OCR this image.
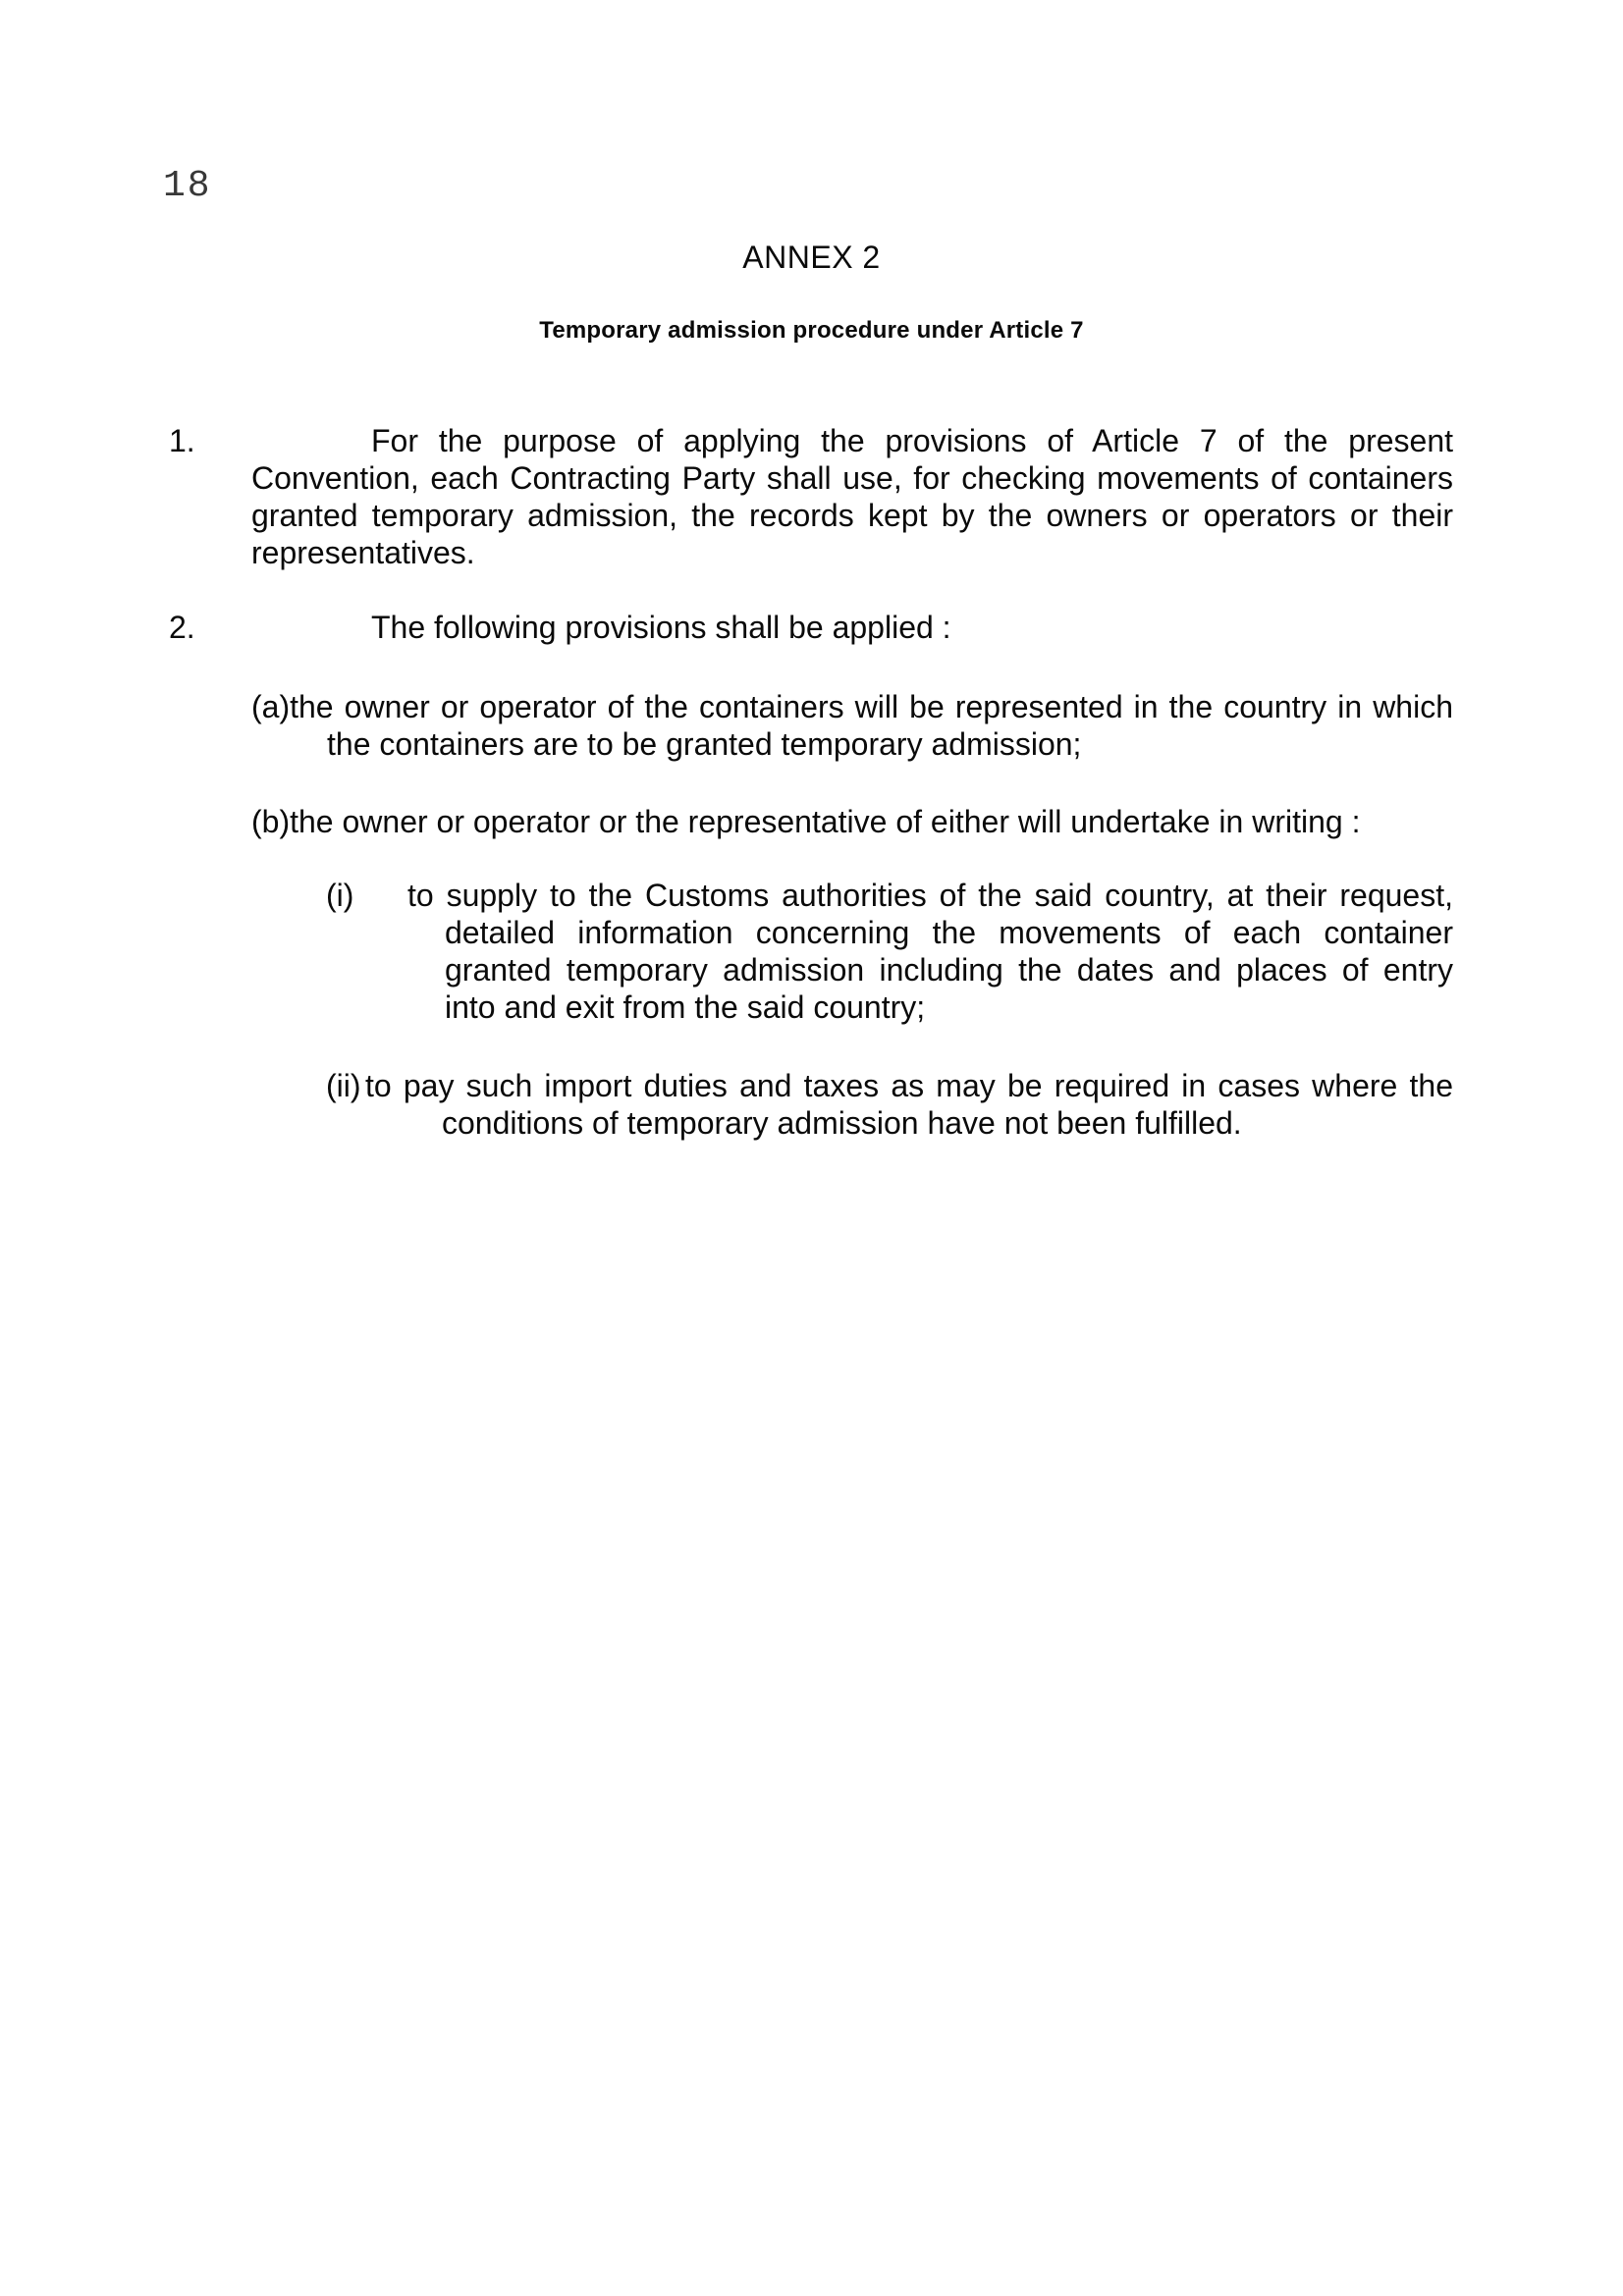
18
ANNEX 2
Temporary admission procedure under Article 7

1.	For the purpose of applying the provisions of Article 7 of the present Convention, each Contracting Party shall use, for checking movements of containers granted temporary admission, the records kept by the owners or operators or their representatives.

2.	The following provisions shall be applied :

(a)the owner or operator of the containers will be represented in the country in which the containers are to be granted temporary admission;

(b)the owner or operator or the representative of either will undertake in writing :

(i) to supply to the Customs authorities of the said country, at their request, detailed information concerning the movements of each container granted temporary admission including the dates and places of entry into and exit from the said country;

(ii) to pay such import duties and taxes as may be required in cases where the conditions of temporary admission have not been fulfilled.
